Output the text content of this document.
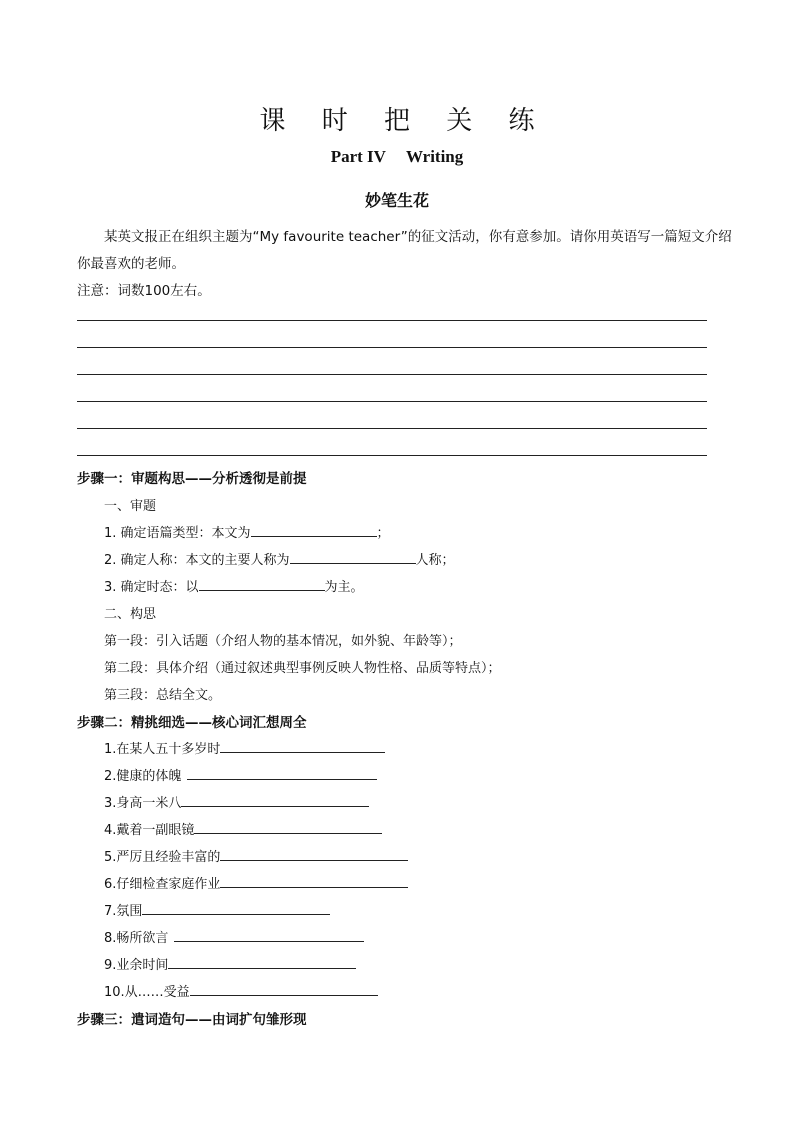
课 时 把 关 练
Part IV Writing
妙笔生花
某英文报正在组织主题为“My favourite teacher”的征文活动，你有意参加。请你用英语写一篇短文介绍
你最喜欢的老师。
注意：词数100左右。
步骤一：审题构思——分析透彻是前提
一、审题
1. 确定语篇类型：本文为	；
2. 确定人称：本文的主要人称为	人称；
3. 确定时态：以	为主。
二、构思
第一段：引入话题（介绍人物的基本情况，如外貌、年龄等）；
第二段：具体介绍（通过叙述典型事例反映人物性格、品质等特点）；
第三段：总结全文。
步骤二：精挑细选——核心词汇想周全
1.在某人五十多岁时
2.健康的体魄
3.身高一米八
4.戴着一副眼镜
5.严厉且经验丰富的
6.仔细检查家庭作业
7.氛围
8.畅所欲言
9.业余时间
10.从……受益
步骤三：遣词造句——由词扩句雏形现
